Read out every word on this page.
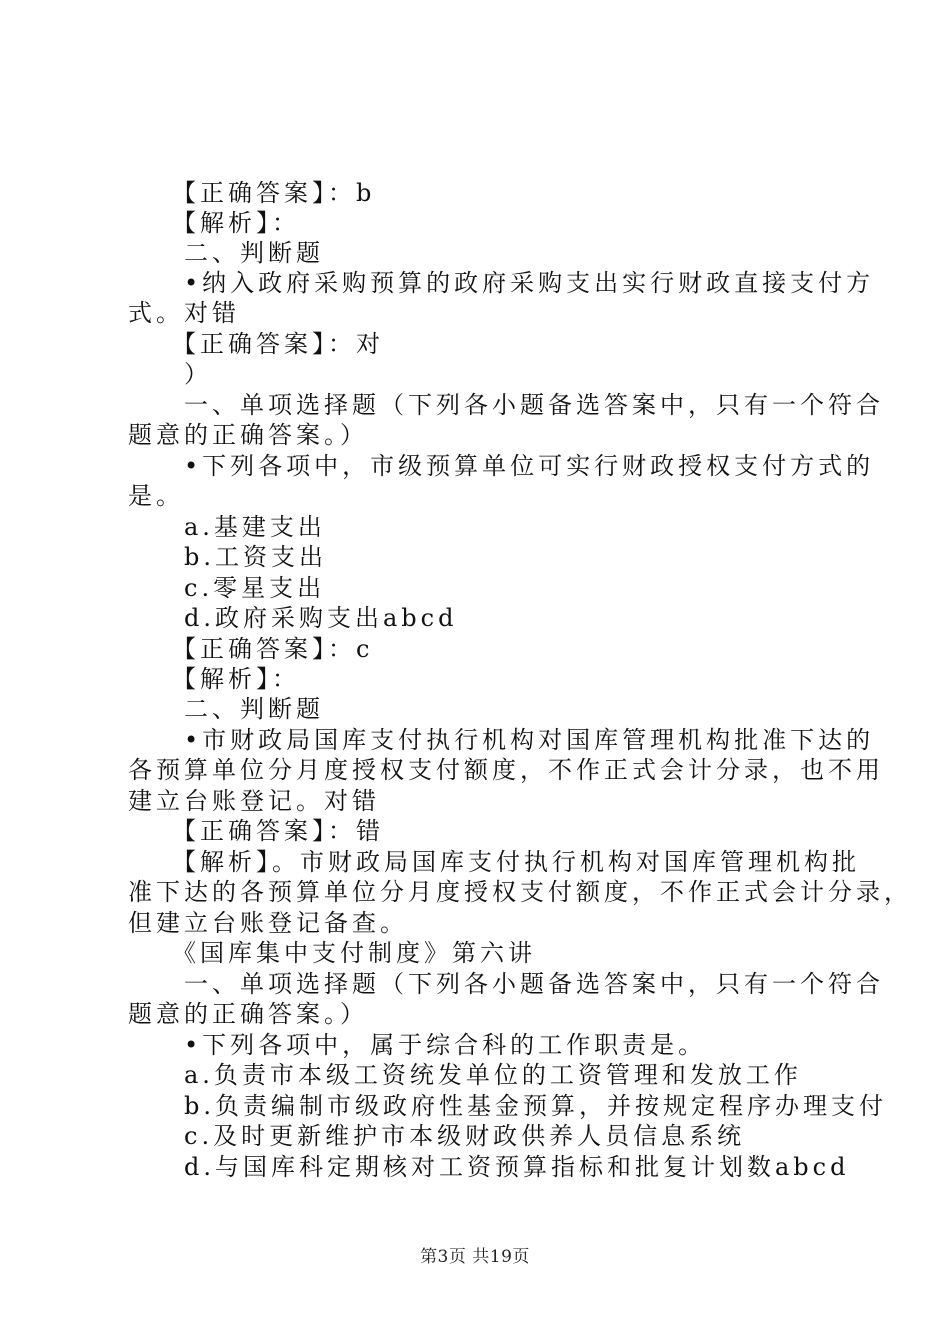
　　【正确答案】：b
　　【解析】：
　　二、判断题
　　•纳入政府采购预算的政府采购支出实行财政直接支付方
式。对错
　　【正确答案】：对
　　）
　　一、单项选择题（下列各小题备选答案中，只有一个符合
题意的正确答案。）
　　•下列各项中，市级预算单位可实行财政授权支付方式的
是。
　　a.基建支出
　　b.工资支出
　　c.零星支出
　　d.政府采购支出abcd
　　【正确答案】：c
　　【解析】：
　　二、判断题
　　•市财政局国库支付执行机构对国库管理机构批准下达的
各预算单位分月度授权支付额度，不作正式会计分录，也不用
建立台账登记。对错
　　【正确答案】：错
　　【解析】。市财政局国库支付执行机构对国库管理机构批
准下达的各预算单位分月度授权支付额度，不作正式会计分录，
但建立台账登记备查。
　　《国库集中支付制度》第六讲
　　一、单项选择题（下列各小题备选答案中，只有一个符合
题意的正确答案。）
　　•下列各项中，属于综合科的工作职责是。
　　a.负责市本级工资统发单位的工资管理和发放工作
　　b.负责编制市级政府性基金预算，并按规定程序办理支付
　　c.及时更新维护市本级财政供养人员信息系统
　　d.与国库科定期核对工资预算指标和批复计划数abcd
第3页 共19页
